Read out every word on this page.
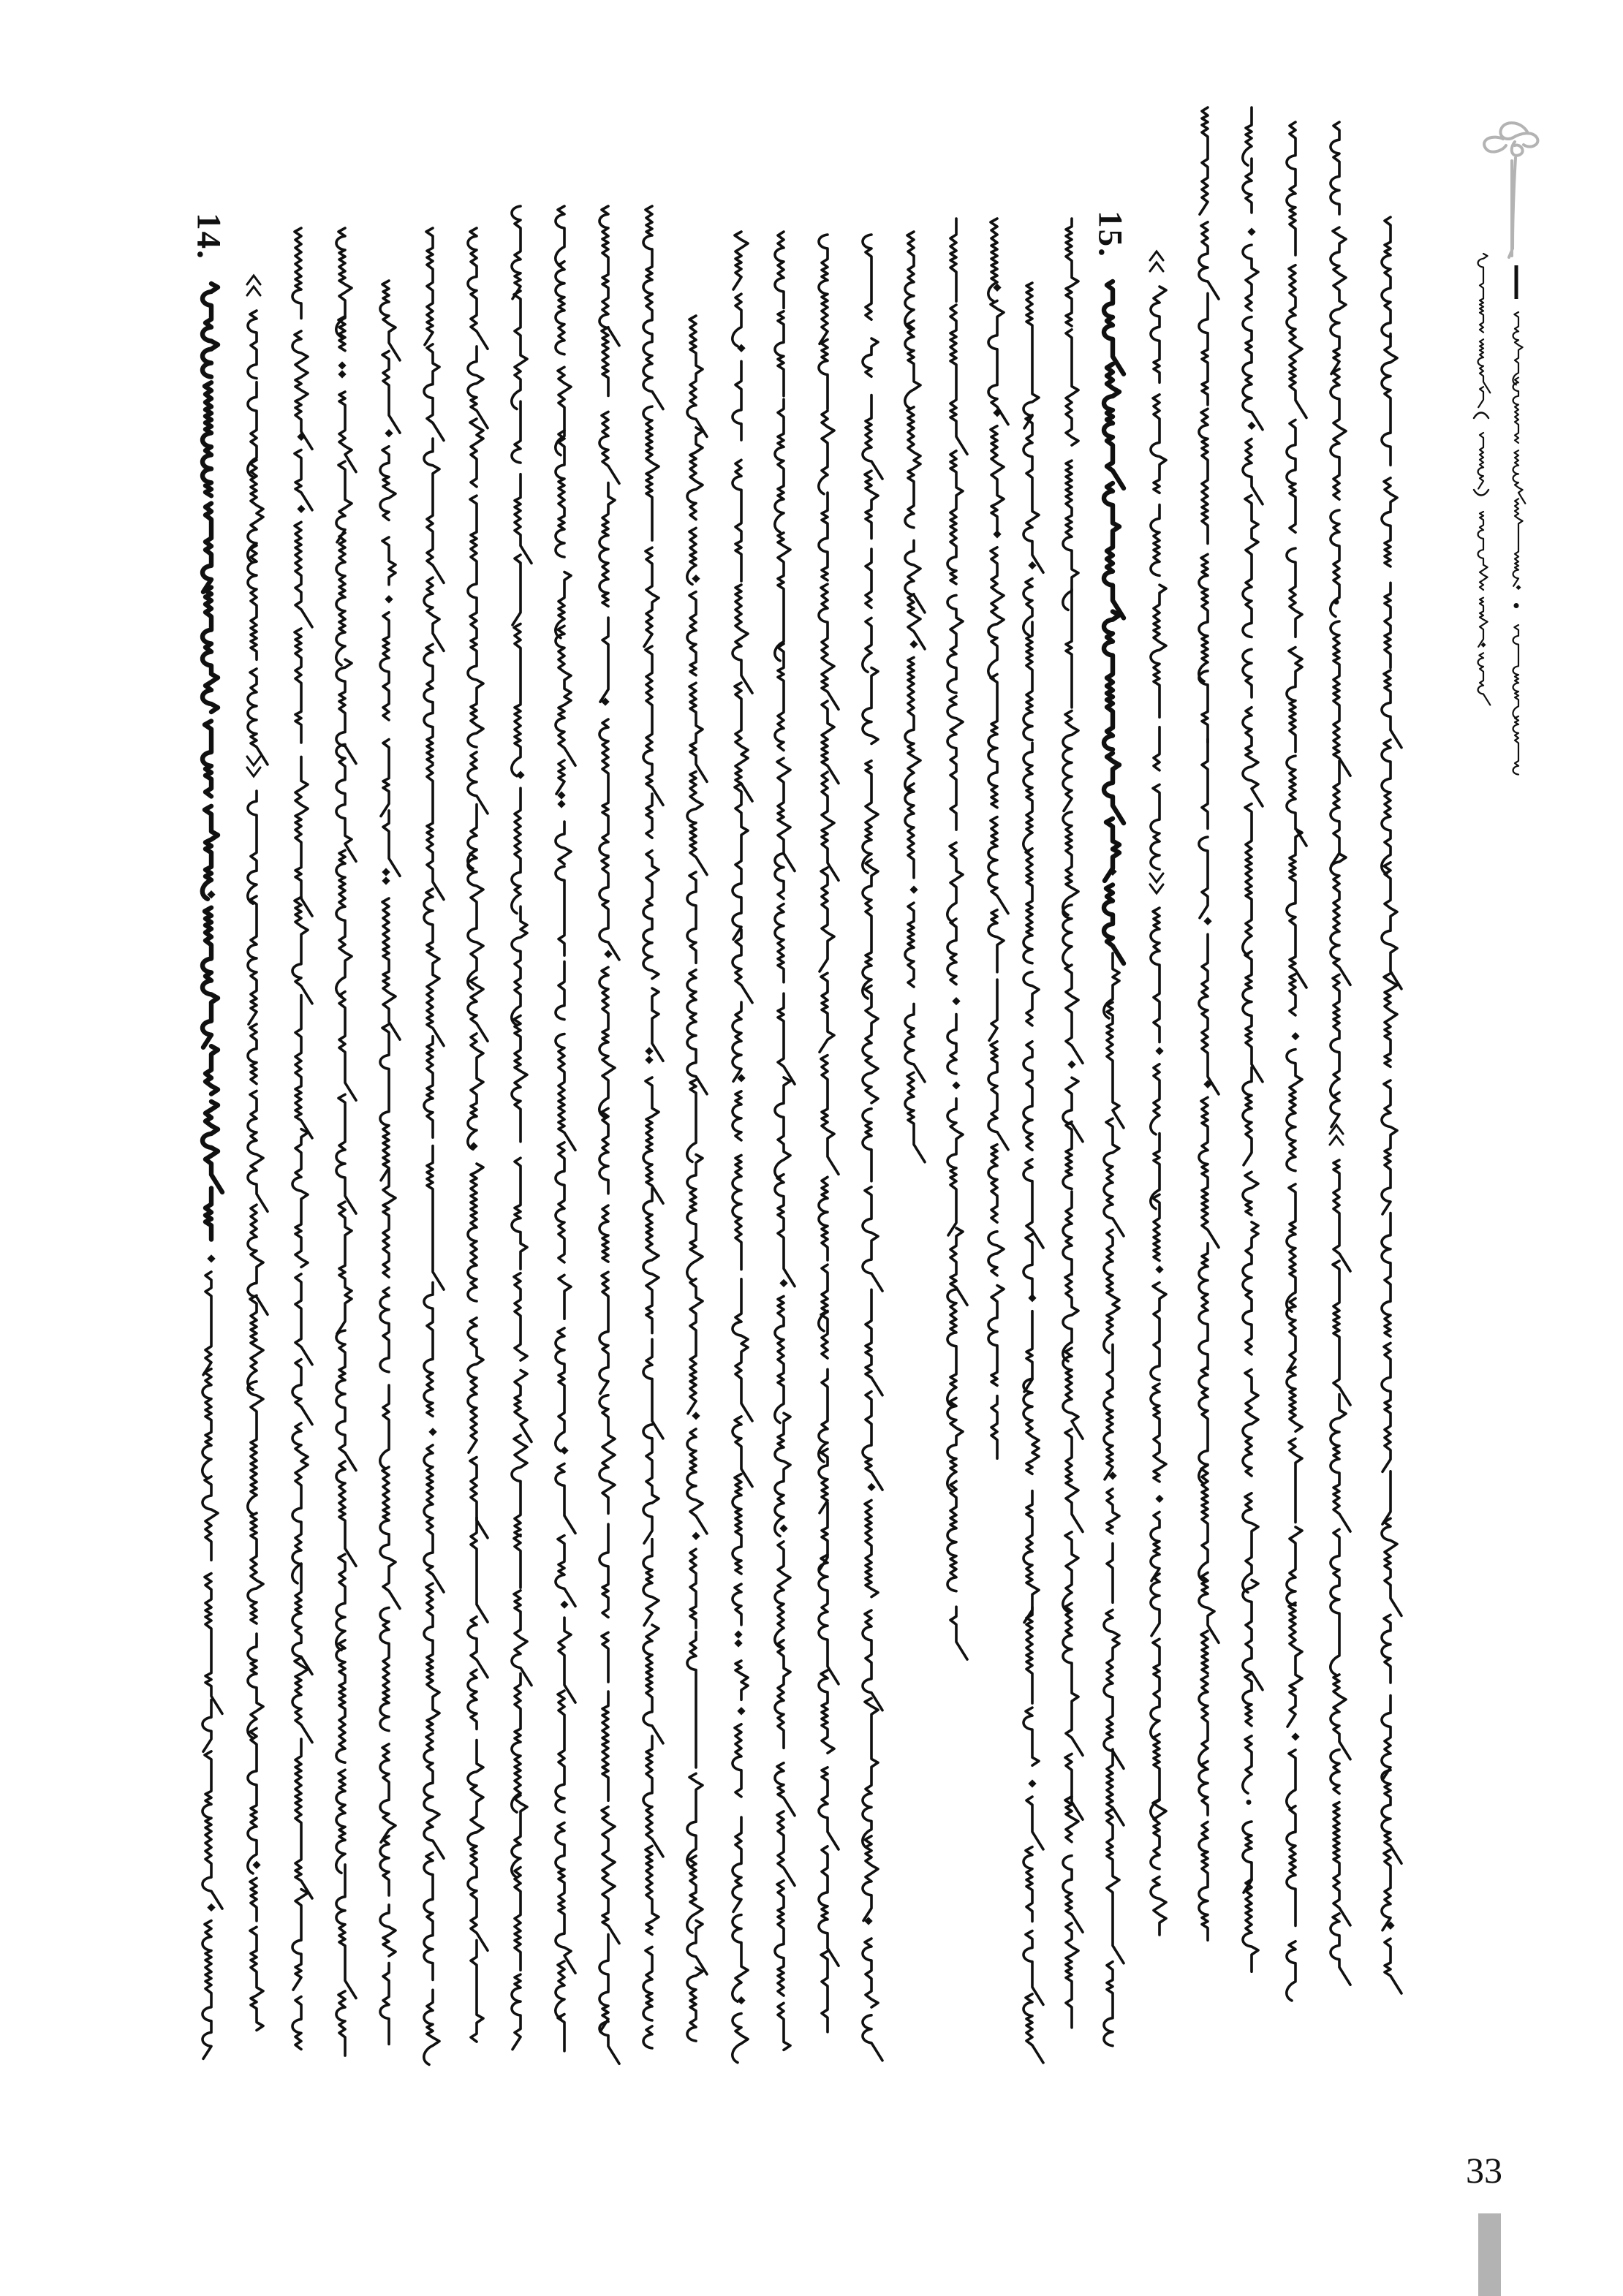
14.	15.
33
